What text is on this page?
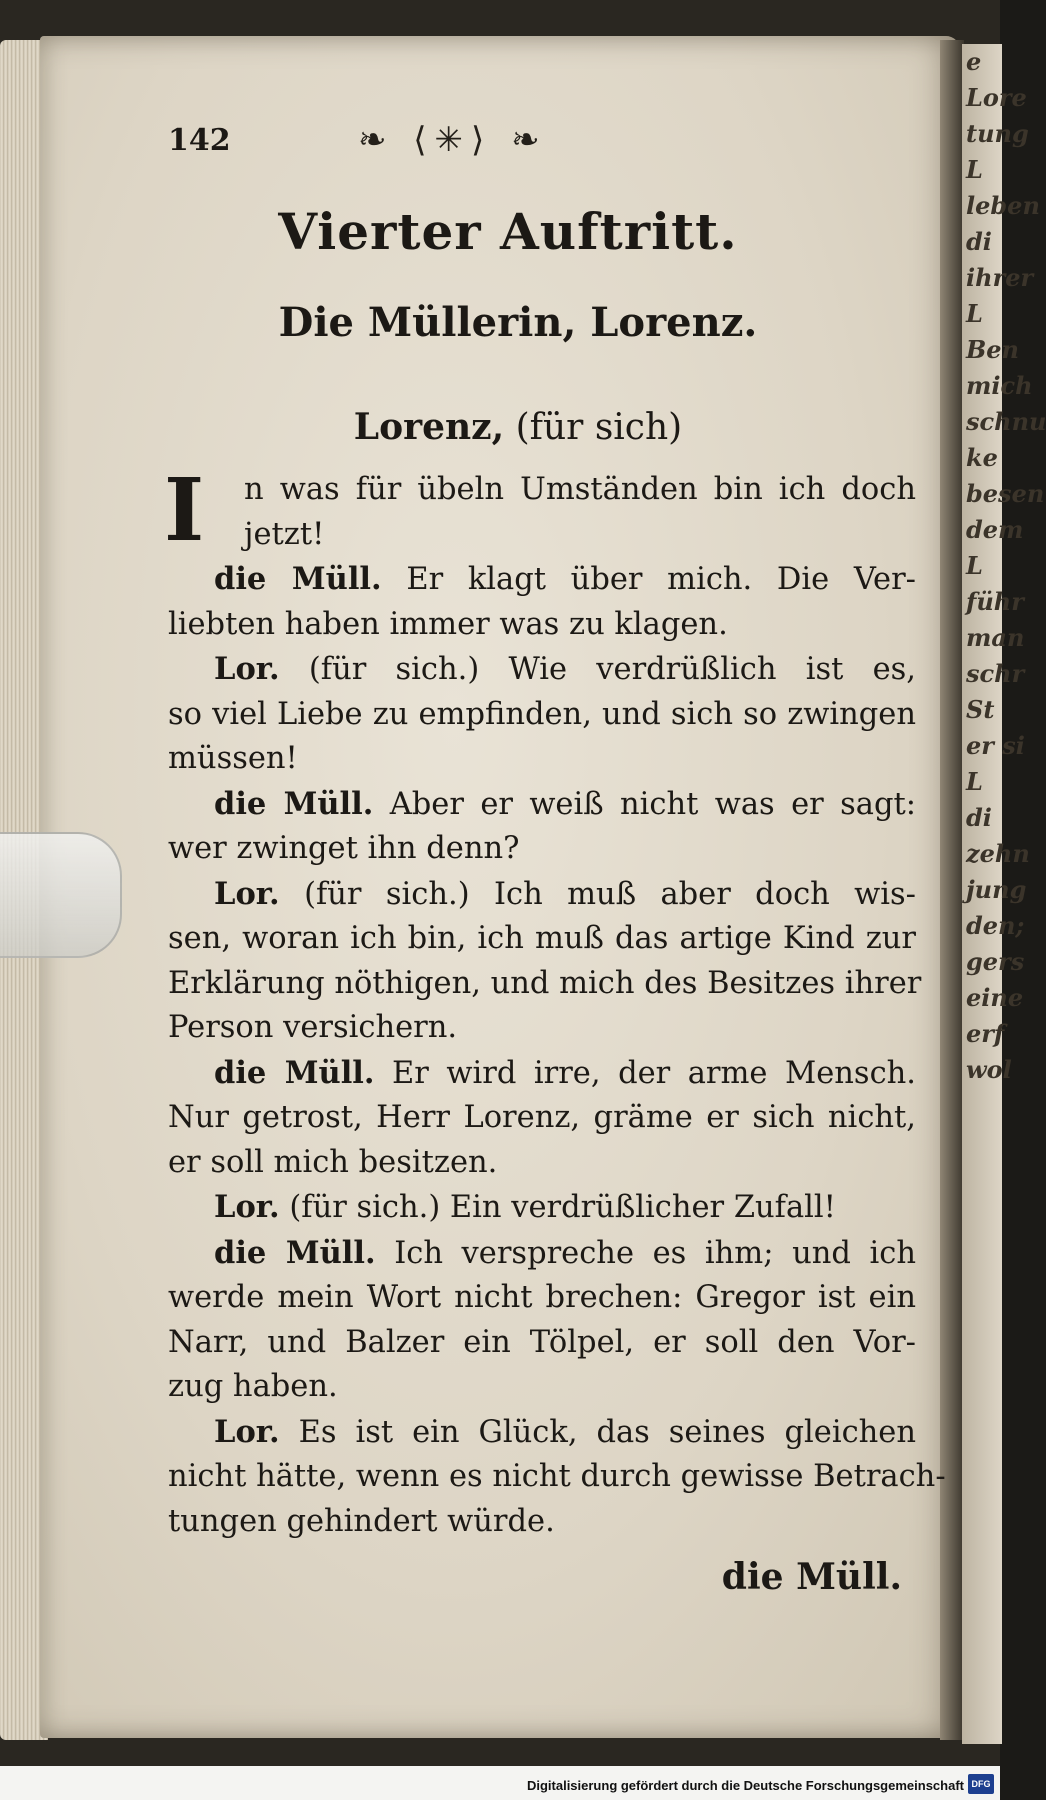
e
Lore
tung
L
leben
di
ihrer
L
Ben
mich
schnu
ke
besen
dem
L
führ
man
schr
St
er si
L
di
zehn
jung
den;
gers
eine
erf
wol
142	❧ ⟨✳⟩ ❧
Vierter Auftritt.
Die Müllerin, Lorenz.
Lorenz, (für sich)
I	n was für übeln Umständen bin ich doch
jetzt!
die Müll. Er klagt über mich. Die Ver-
liebten haben immer was zu klagen.
Lor. (für sich.) Wie verdrüßlich ist es,
so viel Liebe zu empfinden, und sich so zwingen
müssen!
die Müll. Aber er weiß nicht was er sagt:
wer zwinget ihn denn?
Lor. (für sich.) Ich muß aber doch wis-
sen, woran ich bin, ich muß das artige Kind zur
Erklärung nöthigen, und mich des Besitzes ihrer
Person versichern.
die Müll. Er wird irre, der arme Mensch.
Nur getrost, Herr Lorenz, gräme er sich nicht,
er soll mich besitzen.
Lor. (für sich.) Ein verdrüßlicher Zufall!
die Müll. Ich verspreche es ihm; und ich
werde mein Wort nicht brechen: Gregor ist ein
Narr, und Balzer ein Tölpel, er soll den Vor-
zug haben.
Lor. Es ist ein Glück, das seines gleichen
nicht hätte, wenn es nicht durch gewisse Betrach-
tungen gehindert würde.
die Müll.
Digitalisierung gefördert durch die Deutsche Forschungsgemeinschaft DFG
